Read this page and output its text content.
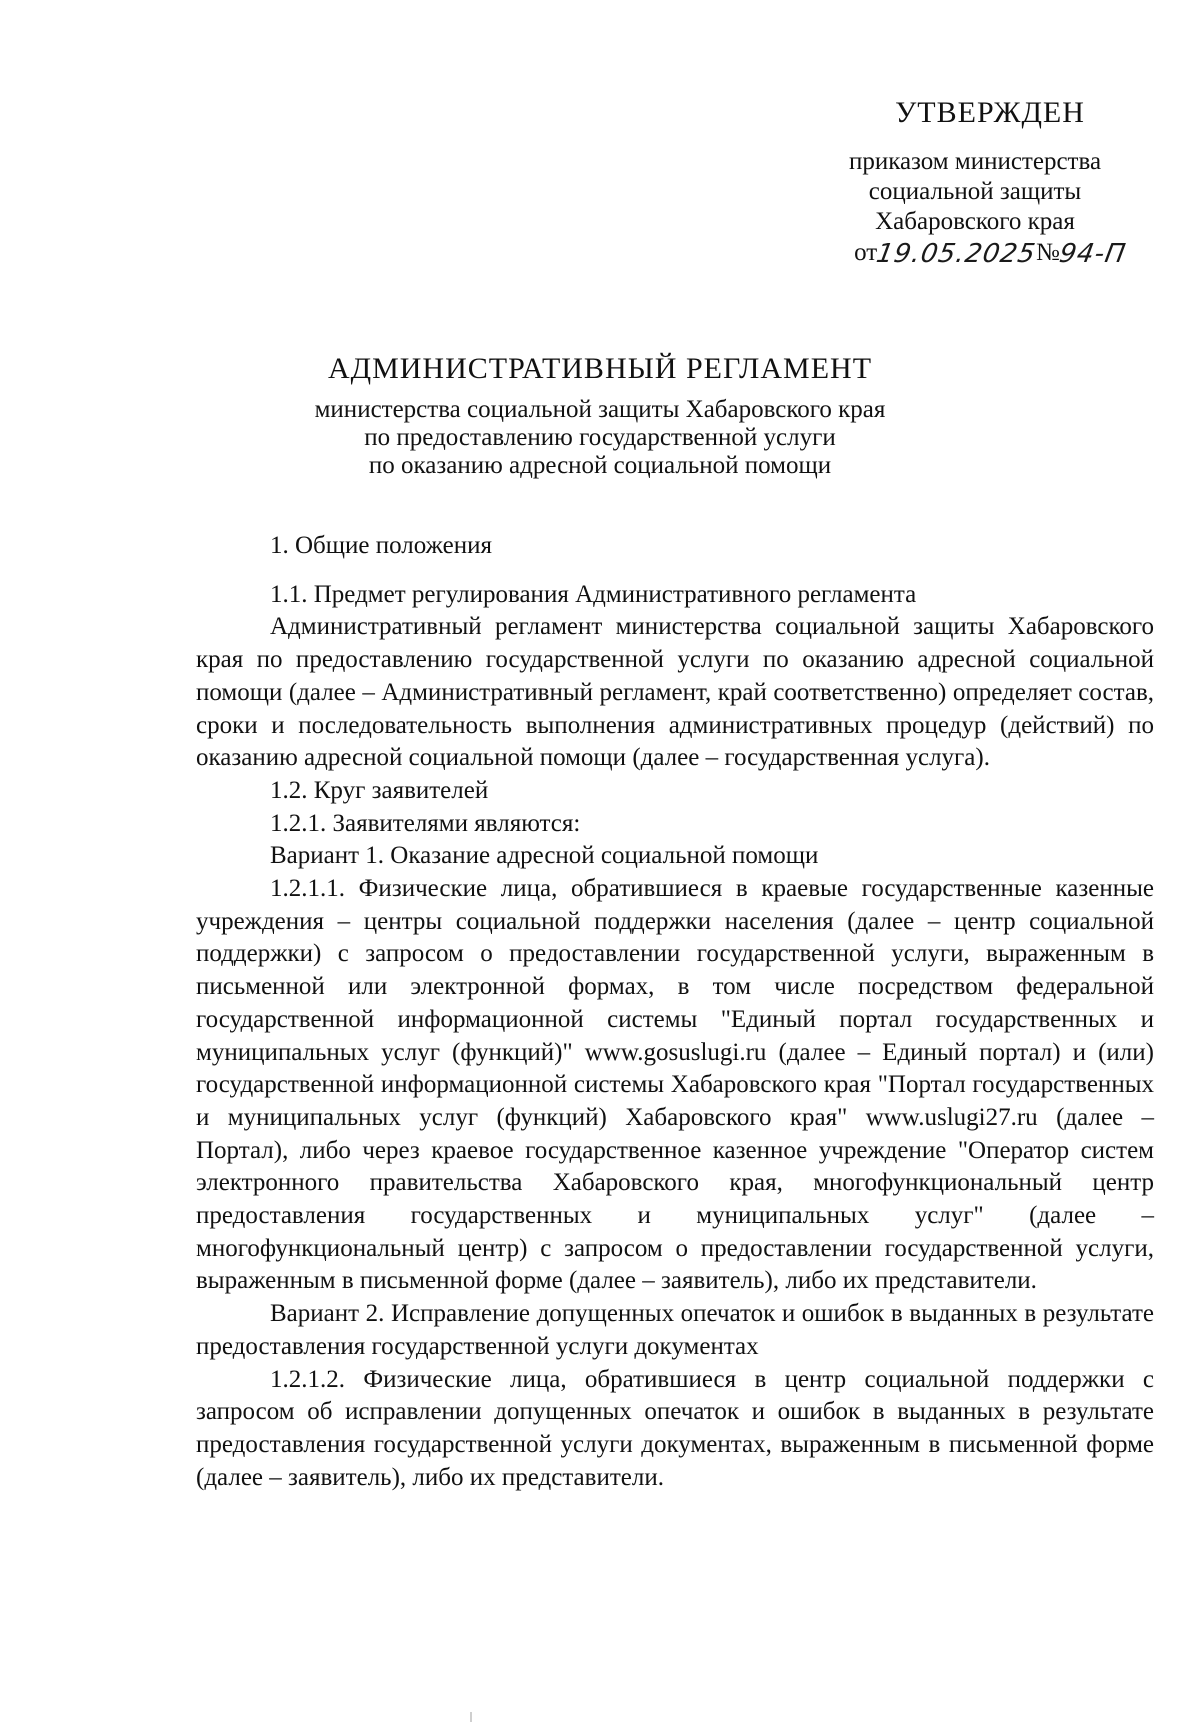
УТВЕРЖДЕН
приказом министерства
социальной защиты
Хабаровского края
от19.05.2025№94-П
АДМИНИСТРАТИВНЫЙ РЕГЛАМЕНТ
министерства социальной защиты Хабаровского края
по предоставлению государственной услуги
по оказанию адресной социальной помощи

1. Общие положения

1.1. Предмет регулирования Административного регламента

Административный регламент министерства социальной защиты Хабаровского края по предоставлению государственной услуги по оказанию адресной социальной помощи (далее – Административный регламент, край соответственно) определяет состав, сроки и последовательность выполнения административных процедур (действий) по оказанию адресной социальной помощи (далее – государственная услуга).

1.2. Круг заявителей

1.2.1. Заявителями являются:

Вариант 1. Оказание адресной социальной помощи

1.2.1.1. Физические лица, обратившиеся в краевые государственные казенные учреждения – центры социальной поддержки населения (далее – центр социальной поддержки) с запросом о предоставлении государственной услуги, выраженным в письменной или электронной формах, в том числе посредством федеральной государственной информационной системы "Единый портал государственных и муниципальных услуг (функций)" www.gosuslugi.ru (далее – Единый портал) и (или) государственной информационной системы Хабаровского края "Портал государственных и муниципальных услуг (функций) Хабаровского края" www.uslugi27.ru (далее – Портал), либо через краевое государственное казенное учреждение "Оператор систем электронного правительства Хабаровского края, многофункциональный центр предоставления государственных и муниципальных услуг" (далее – многофункциональный центр) с запросом о предоставлении государственной услуги, выраженным в письменной форме (далее – заявитель), либо их представители.

Вариант 2. Исправление допущенных опечаток и ошибок в выданных в результате предоставления государственной услуги документах

1.2.1.2. Физические лица, обратившиеся в центр социальной поддержки с запросом об исправлении допущенных опечаток и ошибок в выданных в результате предоставления государственной услуги документах, выраженным в письменной форме (далее – заявитель), либо их представители.
